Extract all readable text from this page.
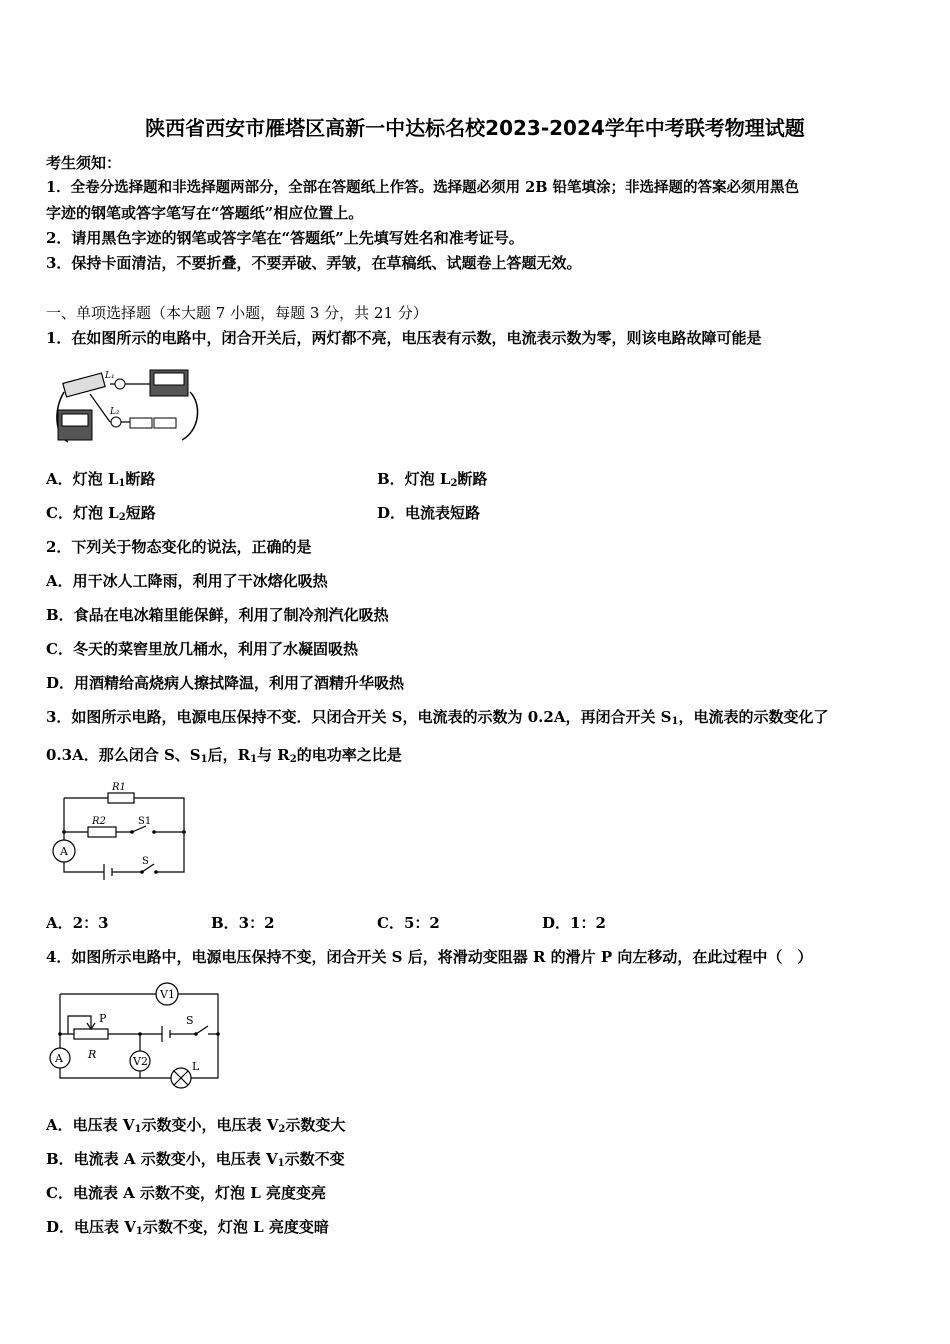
陕西省西安市雁塔区高新一中达标名校2023-2024学年中考联考物理试题
考生须知：
1．全卷分选择题和非选择题两部分，全部在答题纸上作答。选择题必须用 2B 铅笔填涂；非选择题的答案必须用黑色
字迹的钢笔或答字笔写在“答题纸”相应位置上。
2．请用黑色字迹的钢笔或答字笔在“答题纸”上先填写姓名和准考证号。
3．保持卡面清洁，不要折叠，不要弄破、弄皱，在草稿纸、试题卷上答题无效。
一、单项选择题（本大题 7 小题，每题 3 分，共 21 分）
1．在如图所示的电路中，闭合开关后，两灯都不亮，电压表有示数，电流表示数为零，则该电路故障可能是
L₁
L₂
A．灯泡 $L_1$断路	B．灯泡 $L_2$断路
C．灯泡 $L_2$短路	D．电流表短路
2．下列关于物态变化的说法，正确的是
A．用干冰人工降雨，利用了干冰熔化吸热
B．食品在电冰箱里能保鲜，利用了制冷剂汽化吸热
C．冬天的菜窖里放几桶水，利用了水凝固吸热
D．用酒精给高烧病人擦拭降温，利用了酒精升华吸热
3．如图所示电路，电源电压保持不变．只闭合开关 S，电流表的示数为 0.2A，再闭合开关 $S_1$，电流表的示数变化了
0.3A．那么闭合 S、$S_1$后，$R_1$与 $R_2$的电功率之比是
A
R1
R2	S1
S
A．2：3	B．3：2	C．5：2	D．1：2
4．如图所示电路中，电源电压保持不变，闭合开关 S 后，将滑动变阻器 R 的滑片 P 向左移动，在此过程中（　）
V1
A	V2
P
R
S
L
A．电压表 $V_1$示数变小，电压表 $V_2$示数变大
B．电流表 A 示数变小，电压表 $V_1$示数不变
C．电流表 A 示数不变，灯泡 L 亮度变亮
D．电压表 $V_1$示数不变，灯泡 L 亮度变暗
